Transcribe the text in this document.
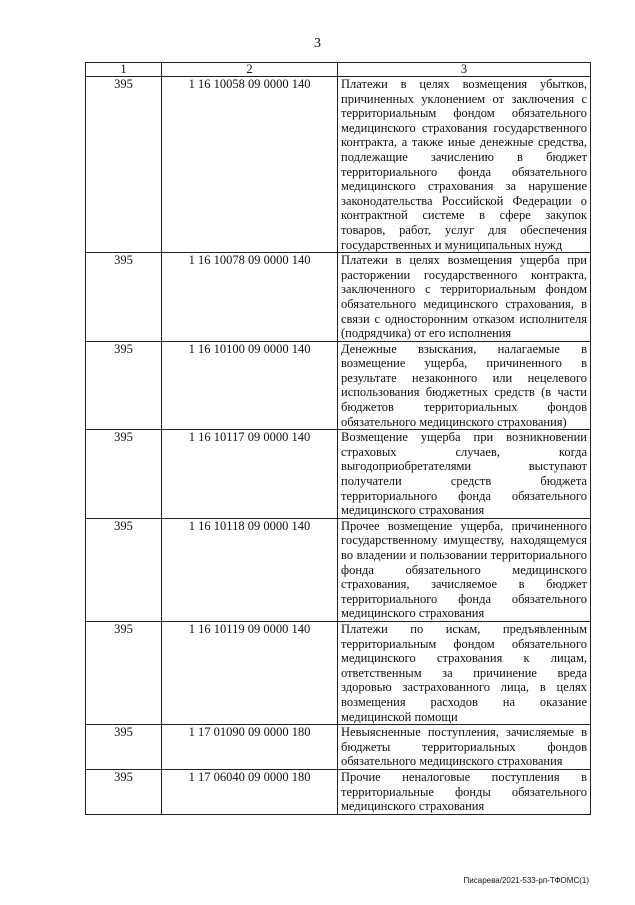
3
1	2	3
395	1 16 10058 09 0000 140	Платежи в целях возмещения убытков, причиненных уклонением от заключения с территориальным фондом обязательного медицинского страхования государственного контракта, а также иные денежные средства, подлежащие зачислению в бюджет территориального фонда обязательного медицинского страхования за нарушение законодательства Российской Федерации о контрактной системе в сфере закупок товаров, работ, услуг для обеспечения государственных и муниципальных нужд
395	1 16 10078 09 0000 140	Платежи в целях возмещения ущерба при расторжении государственного контракта, заключенного с территориальным фондом обязательного медицинского страхования, в связи с односторонним отказом исполнителя (подрядчика) от его исполнения
395	1 16 10100 09 0000 140	Денежные взыскания, налагаемые в возмещение ущерба, причиненного в результате незаконного или нецелевого использования бюджетных средств (в части бюджетов территориальных фондов обязательного медицинского страхования)
395	1 16 10117 09 0000 140	Возмещение ущерба при возникновении страховых случаев, когда выгодоприобретателями выступают получатели средств бюджета территориального фонда обязательного медицинского страхования
395	1 16 10118 09 0000 140	Прочее возмещение ущерба, причиненного государственному имуществу, находящемуся во владении и пользовании территориального фонда обязательного медицинского страхования, зачисляемое в бюджет территориального фонда обязательного медицинского страхования
395	1 16 10119 09 0000 140	Платежи по искам, предъявленным территориальным фондом обязательного медицинского страхования к лицам, ответственным за причинение вреда здоровью застрахованного лица, в целях возмещения расходов на оказание медицинской помощи
395	1 17 01090 09 0000 180	Невыясненные поступления, зачисляемые в бюджеты территориальных фондов обязательного медицинского страхования
395	1 17 06040 09 0000 180	Прочие неналоговые поступления в территориальные фонды обязательного медицинского страхования
Писарева/2021-533-рп-ТФОМС(1)
